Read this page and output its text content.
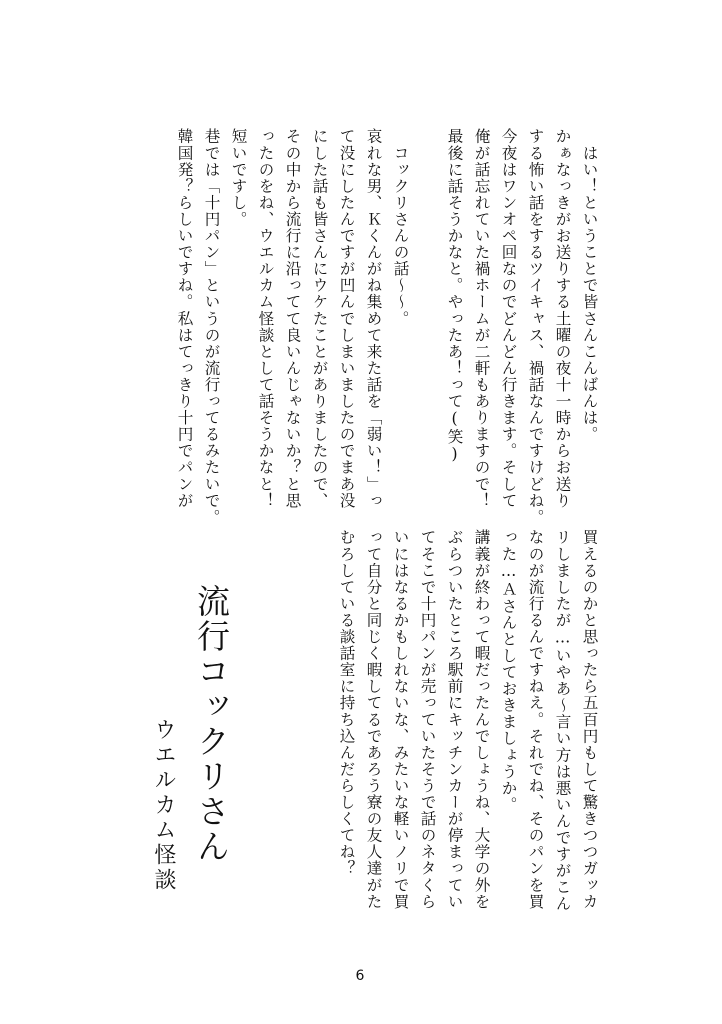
　はい！ということで皆さんこんばんは。
かぁなっきがお送りする土曜の夜十一時からお送り
する怖い話をするツイキャス、禍話なんですけどね。
今夜はワンオペ回なのでどんどん行きます。そして
俺が話忘れていた禍ホームが二軒もありますので！
最後に話そうかなと。やったあ！って(笑)
　コックリさんの話〜〜。
哀れな男、Ｋくんがね集めて来た話を「弱い！」っ
て没にしたんですが凹んでしまいましたのでまあ没
にした話も皆さんにウケたことがありましたので、
その中から流行に沿ってて良いんじゃないか？と思
ったのをね、ウエルカム怪談として話そうかなと！
短いですし。
巷では「十円パン」というのが流行ってるみたいで。
韓国発？らしいですね。私はてっきり十円でパンが
買えるのかと思ったら五百円もして驚きつつガッカ
リしましたが…いやあ〜言い方は悪いんですがこん
なのが流行るんですねえ。それでね、そのパンを買
った…Ａさんとしておきましょうか。
講義が終わって暇だったんでしょうね、大学の外を
ぶらついたところ駅前にキッチンカーが停まってい
てそこで十円パンが売っていたそうで話のネタくら
いにはなるかもしれないな、みたいな軽いノリで買
って自分と同じく暇してるであろう寮の友人達がた
むろしている談話室に持ち込んだらしくてね？
流行コックリさん
ウエルカム怪談
6
